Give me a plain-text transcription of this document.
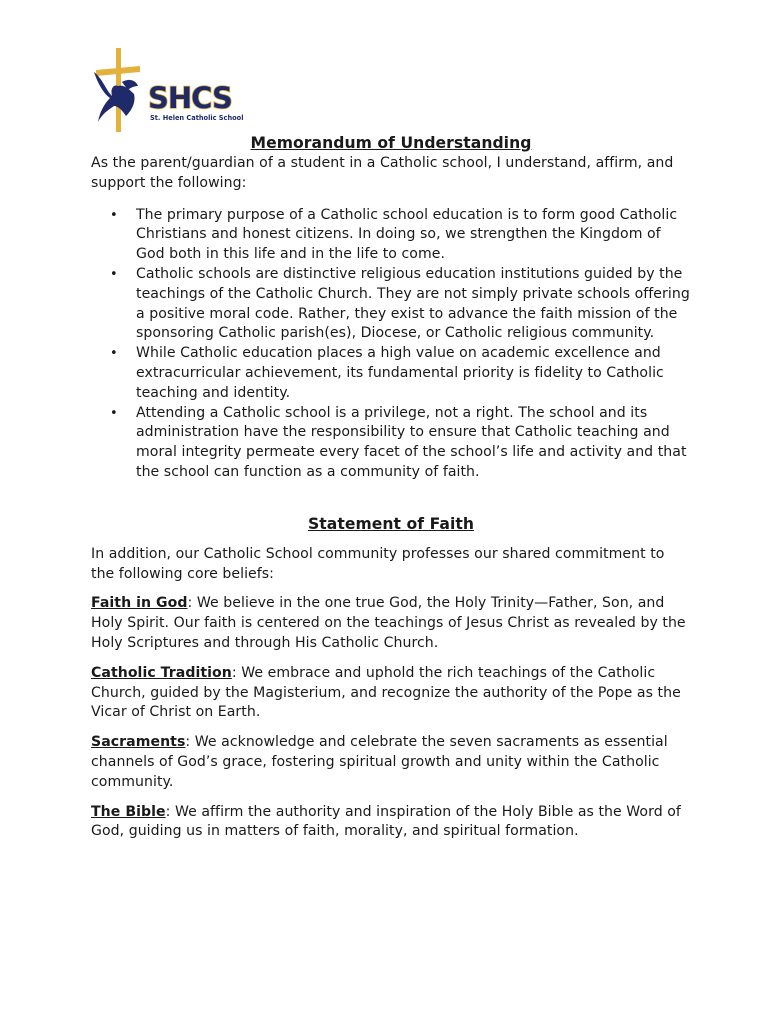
SHCS
St. Helen Catholic School
Memorandum of Understanding

As the parent/guardian of a student in a Catholic school, I understand, affirm, and support the following:

• The primary purpose of a Catholic school education is to form good Catholic Christians and honest citizens. In doing so, we strengthen the Kingdom of God both in this life and in the life to come.
• Catholic schools are distinctive religious education institutions guided by the teachings of the Catholic Church. They are not simply private schools offering a positive moral code. Rather, they exist to advance the faith mission of the sponsoring Catholic parish(es), Diocese, or Catholic religious community.
• While Catholic education places a high value on academic excellence and extracurricular achievement, its fundamental priority is fidelity to Catholic teaching and identity.
• Attending a Catholic school is a privilege, not a right. The school and its administration have the responsibility to ensure that Catholic teaching and moral integrity permeate every facet of the school’s life and activity and that the school can function as a community of faith.
Statement of Faith

In addition, our Catholic School community professes our shared commitment to the following core beliefs:

Faith in God: We believe in the one true God, the Holy Trinity—Father, Son, and Holy Spirit. Our faith is centered on the teachings of Jesus Christ as revealed by the Holy Scriptures and through His Catholic Church.

Catholic Tradition: We embrace and uphold the rich teachings of the Catholic Church, guided by the Magisterium, and recognize the authority of the Pope as the Vicar of Christ on Earth.

Sacraments: We acknowledge and celebrate the seven sacraments as essential channels of God’s grace, fostering spiritual growth and unity within the Catholic community.

The Bible: We affirm the authority and inspiration of the Holy Bible as the Word of God, guiding us in matters of faith, morality, and spiritual formation.
